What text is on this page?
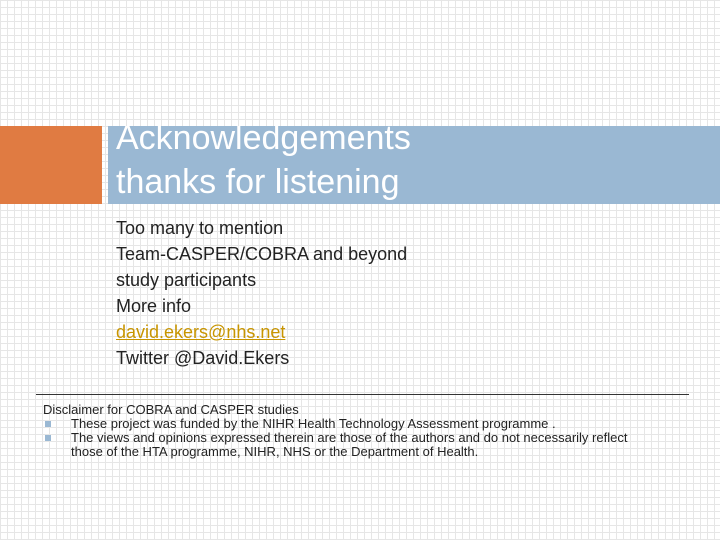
Acknowledgements
thanks for listening
Too many to mention
Team-CASPER/COBRA and beyond
study participants
More info
david.ekers@nhs.net
Twitter @David.Ekers
Disclaimer for COBRA and CASPER studies
These project was funded by the NIHR Health Technology Assessment programme .
The views and opinions expressed therein are those of the authors and do not necessarily reflect those of the HTA programme, NIHR, NHS or the Department of Health.
